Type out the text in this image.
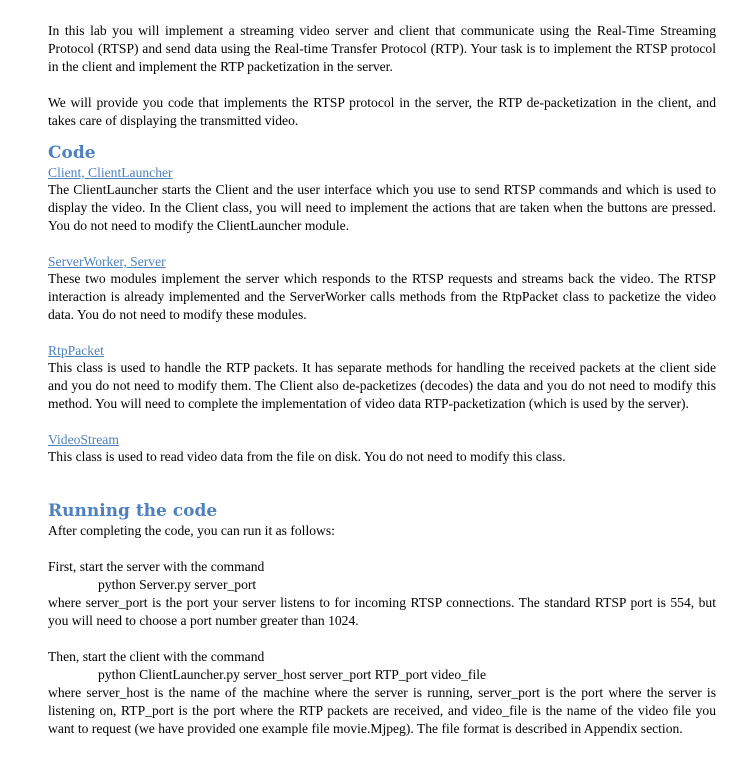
In this lab you will implement a streaming video server and client that communicate using the Real-Time Streaming Protocol (RTSP) and send data using the Real-time Transfer Protocol (RTP). Your task is to implement the RTSP protocol in the client and implement the RTP packetization in the server.

We will provide you code that implements the RTSP protocol in the server, the RTP de-packetization in the client, and takes care of displaying the transmitted video.

Code
Client, ClientLauncher

The ClientLauncher starts the Client and the user interface which you use to send RTSP commands and which is used to display the video. In the Client class, you will need to implement the actions that are taken when the buttons are pressed. You do not need to modify the ClientLauncher module.

ServerWorker, Server

These two modules implement the server which responds to the RTSP requests and streams back the video. The RTSP interaction is already implemented and the ServerWorker calls methods from the RtpPacket class to packetize the video data. You do not need to modify these modules.

RtpPacket

This class is used to handle the RTP packets. It has separate methods for handling the received packets at the client side and you do not need to modify them. The Client also de-packetizes (decodes) the data and you do not need to modify this method. You will need to complete the implementation of video data RTP-packetization (which is used by the server).

VideoStream

This class is used to read video data from the file on disk. You do not need to modify this class.

Running the code

After completing the code, you can run it as follows:

First, start the server with the command

python Server.py server_port

where server_port is the port your server listens to for incoming RTSP connections. The standard RTSP port is 554, but you will need to choose a port number greater than 1024.

Then, start the client with the command

python ClientLauncher.py server_host server_port RTP_port video_file

where server_host is the name of the machine where the server is running, server_port is the port where the server is listening on, RTP_port is the port where the RTP packets are received, and video_file is the name of the video file you want to request (we have provided one example file movie.Mjpeg). The file format is described in Appendix section.
